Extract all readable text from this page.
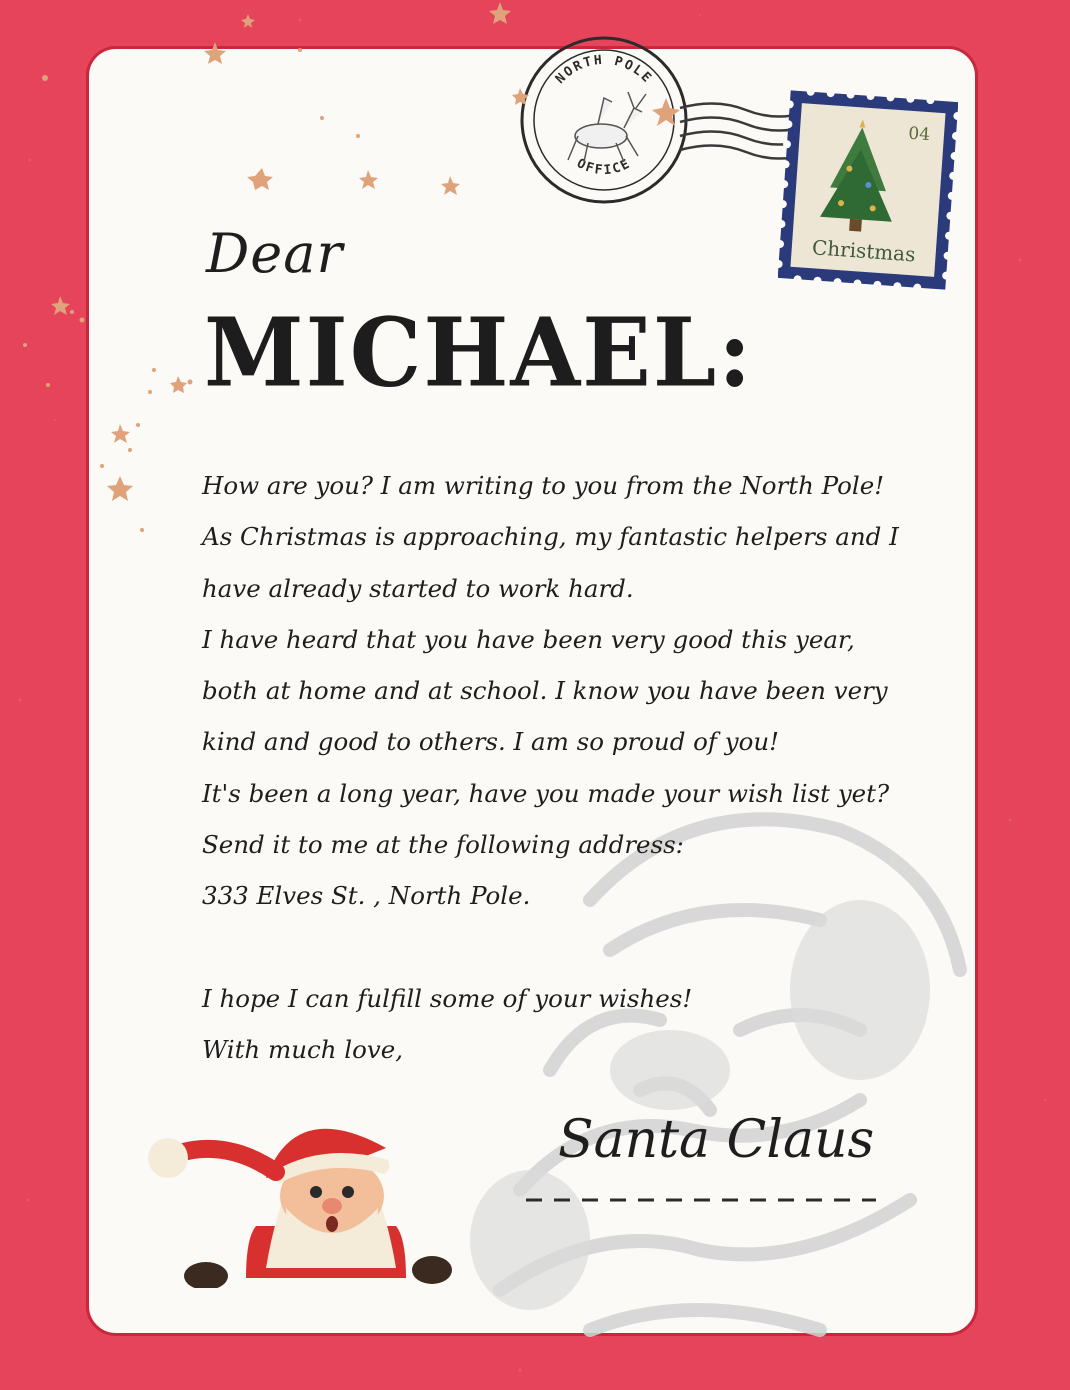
NORTH POLE
OFFICE
04
Christmas
Dear
MICHAEL:
How are you? I am writing to you from the North Pole!
As Christmas is approaching, my fantastic helpers and I
have already started to work hard.
I have heard that you have been very good this year,
both at home and at school. I know you have been very
kind and good to others. I am so proud of you!
It's been a long year, have you made your wish list yet?
Send it to me at the following address:
333 Elves St. , North Pole.
I hope I can fulfill some of your wishes!
With much love,
Santa Claus
